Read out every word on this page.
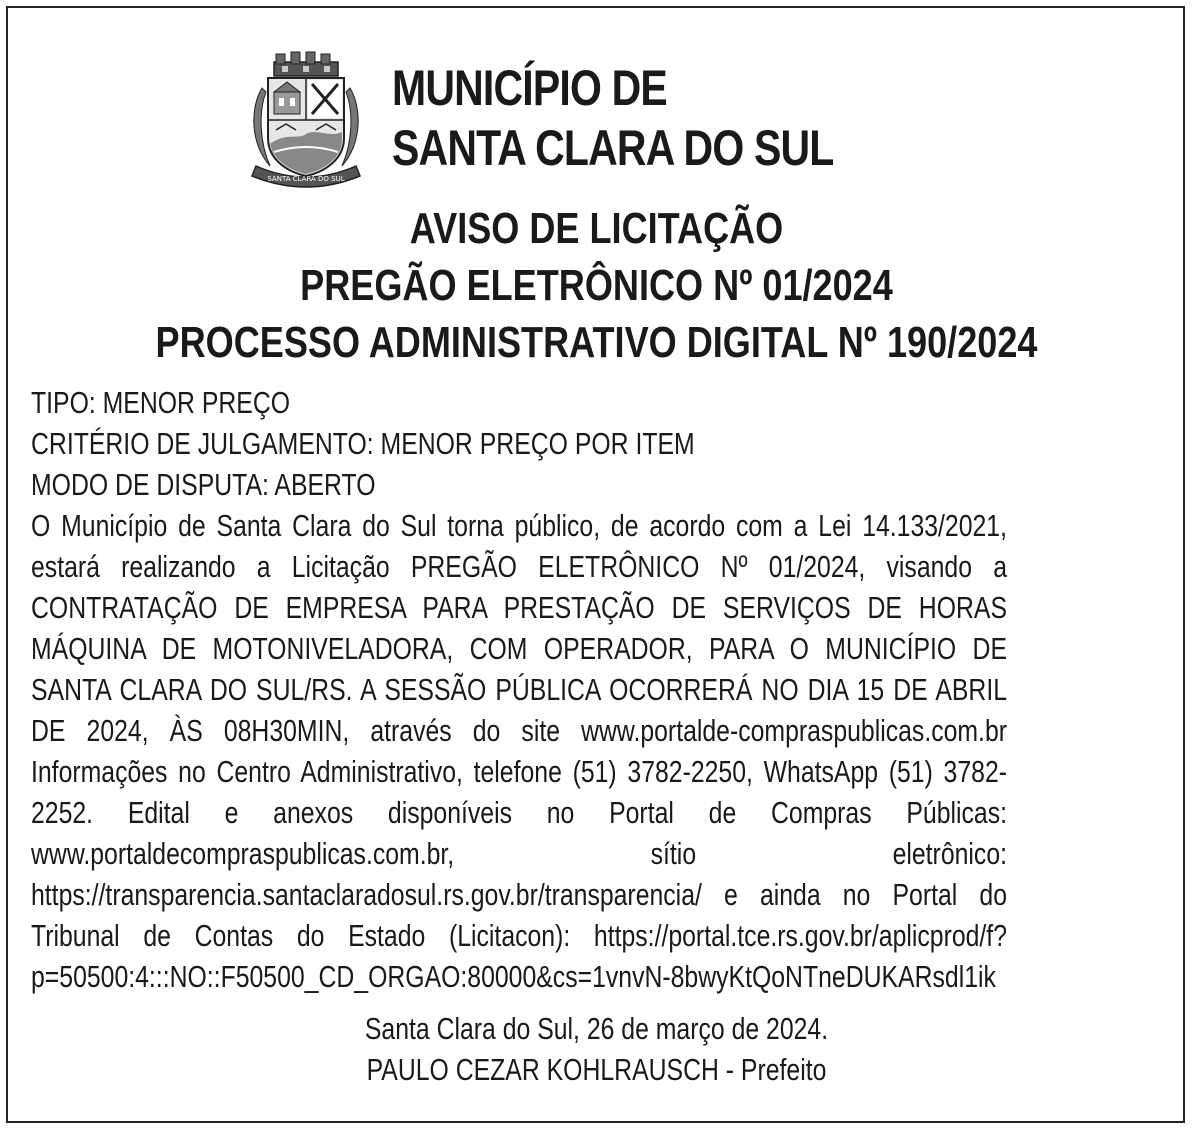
SANTA CLARA DO SUL
MUNICÍPIO DE
SANTA CLARA DO SUL
AVISO DE LICITAÇÃO
PREGÃO ELETRÔNICO Nº 01/2024
PROCESSO ADMINISTRATIVO DIGITAL Nº 190/2024
TIPO: MENOR PREÇO
CRITÉRIO DE JULGAMENTO: MENOR PREÇO POR ITEM
MODO DE DISPUTA: ABERTO
O Município de Santa Clara do Sul torna público, de acordo com a Lei 14.133/2021, estará realizando a Licitação PREGÃO ELETRÔNICO Nº 01/2024, visando a CONTRATAÇÃO DE EMPRESA PARA PRESTAÇÃO DE SERVIÇOS DE HORAS MÁQUINA DE MOTONIVELADORA, COM OPERADOR, PARA O MUNICÍPIO DE SANTA CLARA DO SUL/RS. A SESSÃO PÚBLICA OCORRERÁ NO DIA 15 DE ABRIL DE 2024, ÀS 08H30MIN, através do site www.portalde-compraspublicas.com.br Informações no Centro Administrativo, telefone (51) 3782-2250, WhatsApp (51) 3782-2252. Edital e anexos disponíveis no Portal de Compras Públicas: www.portaldecompraspublicas.com.br, sítio eletrônico: https://transparencia.santaclaradosul.rs.gov.br/transparencia/ e ainda no Portal do Tribunal de Contas do Estado (Licitacon): https://portal.tce.rs.gov.br/aplicprod/f?p=50500:4:::NO::F50500_CD_ORGAO:80000&cs=1vnvN-8bwyKtQoNTneDUKARsdl1ik
Santa Clara do Sul, 26 de março de 2024.
PAULO CEZAR KOHLRAUSCH - Prefeito
